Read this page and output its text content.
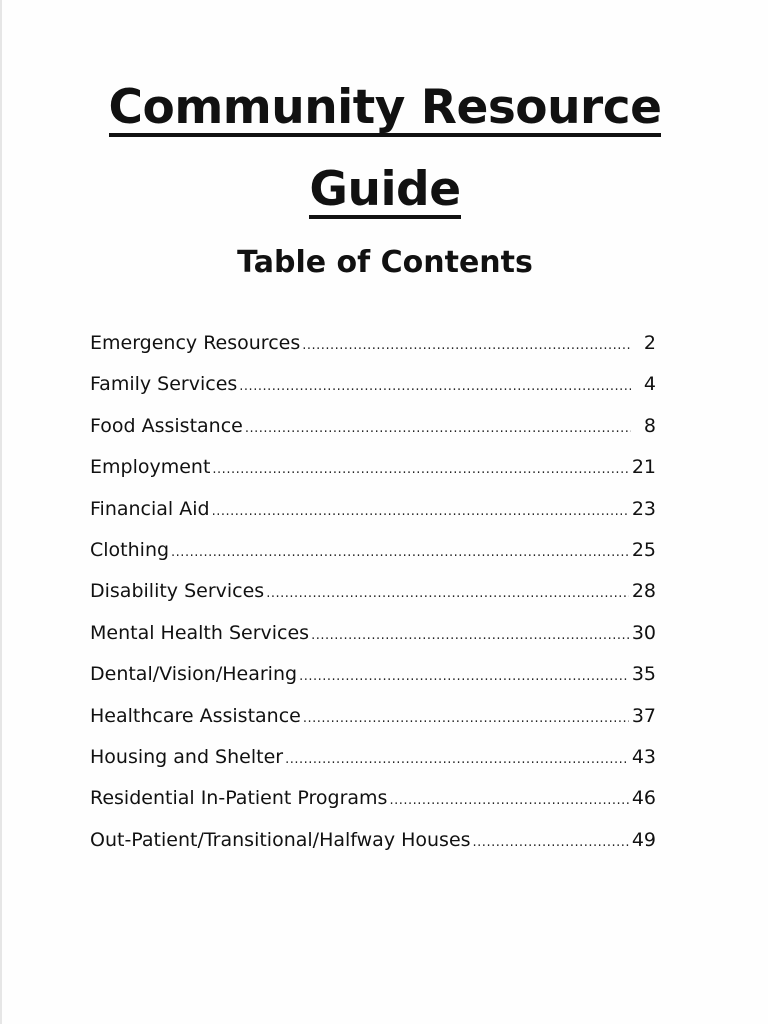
Community Resource
Guide
Table of Contents
Emergency Resources .....	2
Family Services .....	4
Food Assistance .....	8
Employment .....	21
Financial Aid .....	23
Clothing .....	25
Disability Services .....	28
Mental Health Services .....	30
Dental/Vision/Hearing .....	35
Healthcare Assistance .....	37
Housing and Shelter .....	43
Residential In-Patient Programs .....	46
Out-Patient/Transitional/Halfway Houses .....	49
